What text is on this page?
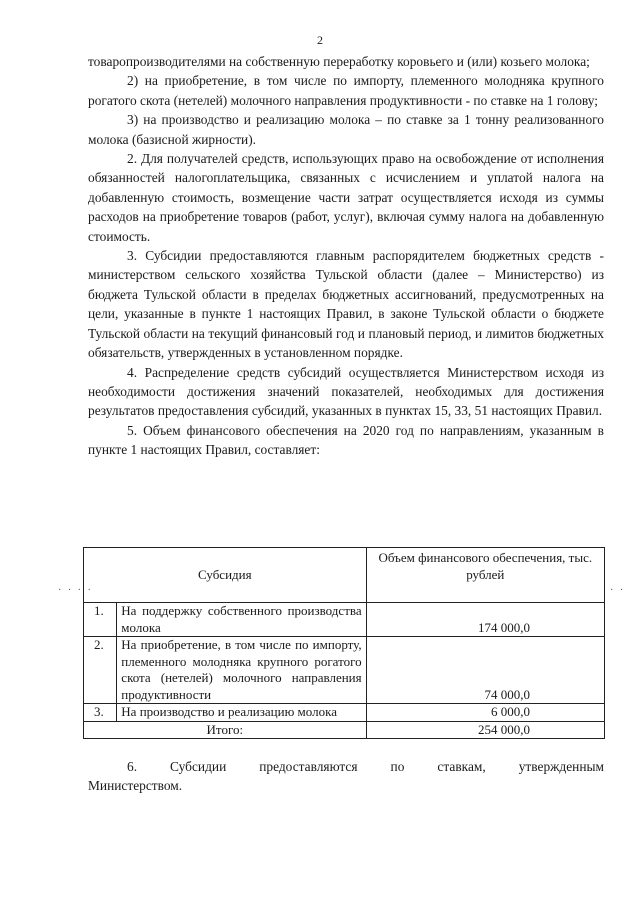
2

товаропроизводителями на собственную переработку коровьего и (или) козьего молока;

2) на приобретение, в том числе по импорту, племенного молодняка крупного рогатого скота (нетелей) молочного направления продуктивности - по ставке на 1 голову;

3) на производство и реализацию молока – по ставке за 1 тонну реализованного молока (базисной жирности).

2. Для получателей средств, использующих право на освобождение от исполнения обязанностей налогоплательщика, связанных с исчислением и уплатой налога на добавленную стоимость, возмещение части затрат осуществляется исходя из суммы расходов на приобретение товаров (работ, услуг), включая сумму налога на добавленную стоимость.

3. Субсидии предоставляются главным распорядителем бюджетных средств - министерством сельского хозяйства Тульской области (далее – Министерство) из бюджета Тульской области в пределах бюджетных ассигнований, предусмотренных на цели, указанные в пункте 1 настоящих Правил, в законе Тульской области о бюджете Тульской области на текущий финансовый год и плановый период, и лимитов бюджетных обязательств, утвержденных в установленном порядке.

4. Распределение средств субсидий осуществляется Министерством исходя из необходимости достижения значений показателей, необходимых для достижения результатов предоставления субсидий, указанных в пунктах 15, 33, 51 настоящих Правил.

5. Объем финансового обеспечения на 2020 год по направлениям, указанным в пункте 1 настоящих Правил, составляет:

· · · ·	· ·
Субсидия		Объем финансового обеспечения, тыс. рублей
1.	На поддержку собственного производства молока	174 000,0
2.	На приобретение, в том числе по импорту, племенного молодняка крупного рогатого скота (нетелей) молочного направления продуктивности	74 000,0
3.	На производство и реализацию молока	6 000,0
Итого:		254 000,0
6. Субсидии предоставляются по ставкам, утвержденным

Министерством.
